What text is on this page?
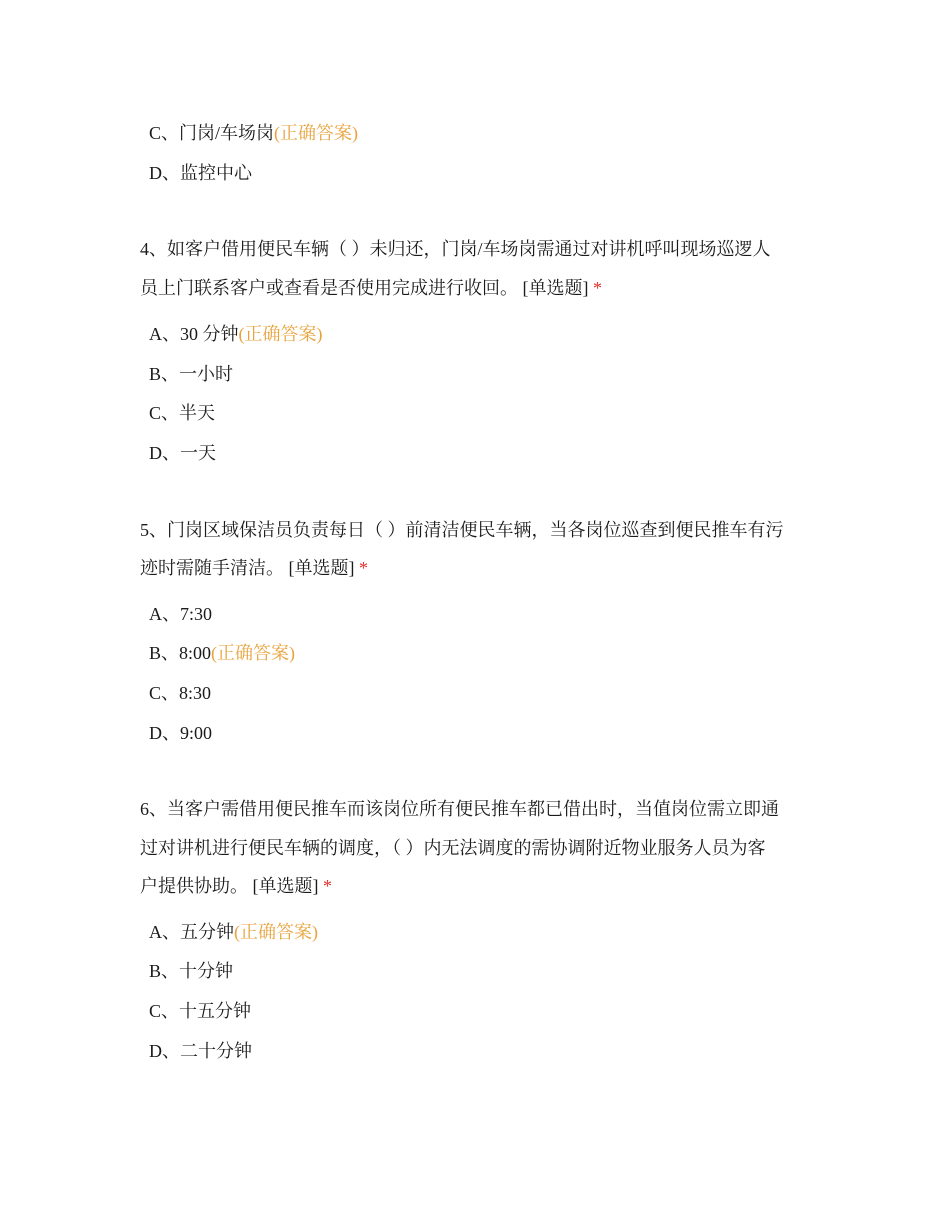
C、门岗/车场岗(正确答案)
D、监控中心
4、如客户借用便民车辆（ ）未归还，门岗/车场岗需通过对讲机呼叫现场巡逻人
员上门联系客户或查看是否使用完成进行收回。 [单选题] *
A、30 分钟(正确答案)
B、一小时
C、半天
D、一天
5、门岗区域保洁员负责每日（ ）前清洁便民车辆，当各岗位巡查到便民推车有污
迹时需随手清洁。 [单选题] *
A、7:30
B、8:00(正确答案)
C、8:30
D、9:00
6、当客户需借用便民推车而该岗位所有便民推车都已借出时，当值岗位需立即通
过对讲机进行便民车辆的调度，（ ）内无法调度的需协调附近物业服务人员为客
户提供协助。 [单选题] *
A、五分钟(正确答案)
B、十分钟
C、十五分钟
D、二十分钟
